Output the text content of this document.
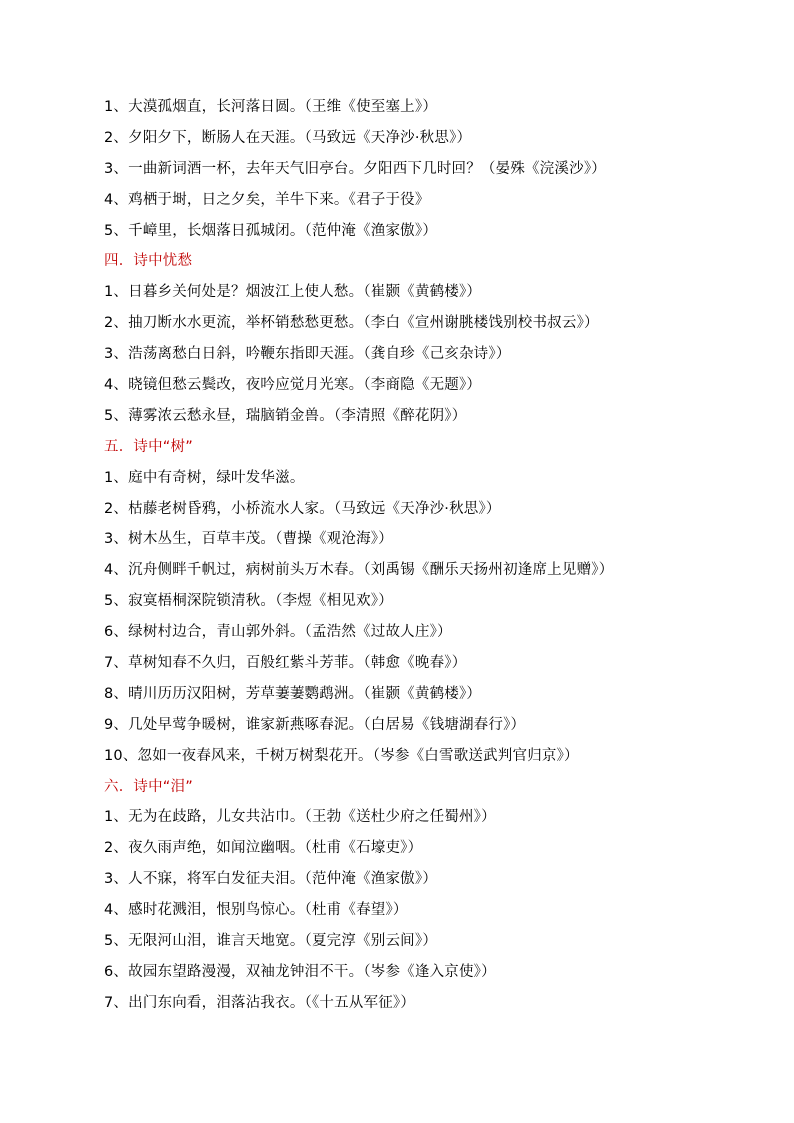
1、大漠孤烟直，长河落日圆。（王维《使至塞上》）
2、夕阳夕下，断肠人在天涯。（马致远《天净沙·秋思》）
3、一曲新词酒一杯，去年天气旧亭台。夕阳西下几时回？（晏殊《浣溪沙》）
4、鸡栖于埘，日之夕矣，羊牛下来。《君子于役》
5、千嶂里，长烟落日孤城闭。（范仲淹《渔家傲》）
四．诗中忧愁
1、日暮乡关何处是？烟波江上使人愁。（崔颢《黄鹤楼》）
2、抽刀断水水更流，举杯销愁愁更愁。（李白《宣州谢朓楼饯别校书叔云》）
3、浩荡离愁白日斜，吟鞭东指即天涯。（龚自珍《己亥杂诗》）
4、晓镜但愁云鬓改，夜吟应觉月光寒。（李商隐《无题》）
5、薄雾浓云愁永昼，瑞脑销金兽。（李清照《醉花阴》）
五．诗中“树”
1、庭中有奇树，绿叶发华滋。
2、枯藤老树昏鸦，小桥流水人家。（马致远《天净沙·秋思》）
3、树木丛生，百草丰茂。（曹操《观沧海》）
4、沉舟侧畔千帆过，病树前头万木春。（刘禹锡《酬乐天扬州初逢席上见赠》）
5、寂寞梧桐深院锁清秋。（李煜《相见欢》）
6、绿树村边合，青山郭外斜。（孟浩然《过故人庄》）
7、草树知春不久归，百般红紫斗芳菲。（韩愈《晚春》）
8、晴川历历汉阳树，芳草萋萋鹦鹉洲。（崔颢《黄鹤楼》）
9、几处早莺争暖树，谁家新燕啄春泥。（白居易《钱塘湖春行》）
10、忽如一夜春风来，千树万树梨花开。（岑参《白雪歌送武判官归京》）
六．诗中“泪”
1、无为在歧路，儿女共沾巾。（王勃《送杜少府之任蜀州》）
2、夜久雨声绝，如闻泣幽咽。（杜甫《石壕吏》）
3、人不寐，将军白发征夫泪。（范仲淹《渔家傲》）
4、感时花溅泪，恨别鸟惊心。（杜甫《春望》）
5、无限河山泪，谁言天地宽。（夏完淳《别云间》）
6、故园东望路漫漫，双袖龙钟泪不干。（岑参《逢入京使》）
7、出门东向看，泪落沾我衣。（《十五从军征》）
